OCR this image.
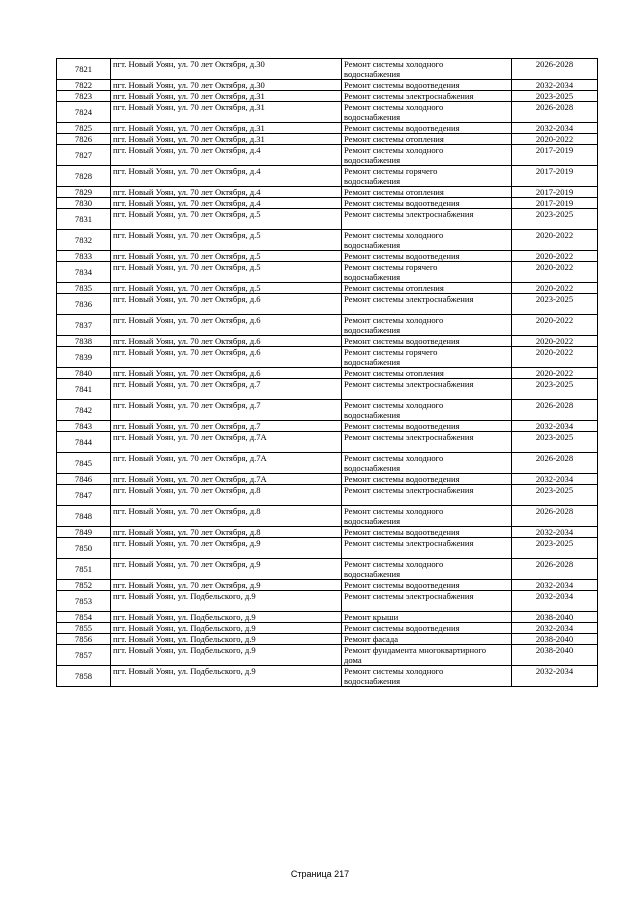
7821	пгт. Новый Уоян, ул. 70 лет Октября, д.30	Ремонт системы холодного
водоснабжения	2026-2028
7822	пгт. Новый Уоян, ул. 70 лет Октября, д.30	Ремонт системы водоотведения	2032-2034
7823	пгт. Новый Уоян, ул. 70 лет Октября, д.31	Ремонт системы электроснабжения	2023-2025
7824	пгт. Новый Уоян, ул. 70 лет Октября, д.31	Ремонт системы холодного
водоснабжения	2026-2028
7825	пгт. Новый Уоян, ул. 70 лет Октября, д.31	Ремонт системы водоотведения	2032-2034
7826	пгт. Новый Уоян, ул. 70 лет Октября, д.31	Ремонт системы отопления	2020-2022
7827	пгт. Новый Уоян, ул. 70 лет Октября, д.4	Ремонт системы холодного
водоснабжения	2017-2019
7828	пгт. Новый Уоян, ул. 70 лет Октября, д.4	Ремонт системы горячего
водоснабжения	2017-2019
7829	пгт. Новый Уоян, ул. 70 лет Октября, д.4	Ремонт системы отопления	2017-2019
7830	пгт. Новый Уоян, ул. 70 лет Октября, д.4	Ремонт системы водоотведения	2017-2019
7831	пгт. Новый Уоян, ул. 70 лет Октября, д.5	Ремонт системы электроснабжения	2023-2025
7832	пгт. Новый Уоян, ул. 70 лет Октября, д.5	Ремонт системы холодного
водоснабжения	2020-2022
7833	пгт. Новый Уоян, ул. 70 лет Октября, д.5	Ремонт системы водоотведения	2020-2022
7834	пгт. Новый Уоян, ул. 70 лет Октября, д.5	Ремонт системы горячего
водоснабжения	2020-2022
7835	пгт. Новый Уоян, ул. 70 лет Октября, д.5	Ремонт системы отопления	2020-2022
7836	пгт. Новый Уоян, ул. 70 лет Октября, д.6	Ремонт системы электроснабжения	2023-2025
7837	пгт. Новый Уоян, ул. 70 лет Октября, д.6	Ремонт системы холодного
водоснабжения	2020-2022
7838	пгт. Новый Уоян, ул. 70 лет Октября, д.6	Ремонт системы водоотведения	2020-2022
7839	пгт. Новый Уоян, ул. 70 лет Октября, д.6	Ремонт системы горячего
водоснабжения	2020-2022
7840	пгт. Новый Уоян, ул. 70 лет Октября, д.6	Ремонт системы отопления	2020-2022
7841	пгт. Новый Уоян, ул. 70 лет Октября, д.7	Ремонт системы электроснабжения	2023-2025
7842	пгт. Новый Уоян, ул. 70 лет Октября, д.7	Ремонт системы холодного
водоснабжения	2026-2028
7843	пгт. Новый Уоян, ул. 70 лет Октября, д.7	Ремонт системы водоотведения	2032-2034
7844	пгт. Новый Уоян, ул. 70 лет Октября, д.7А	Ремонт системы электроснабжения	2023-2025
7845	пгт. Новый Уоян, ул. 70 лет Октября, д.7А	Ремонт системы холодного
водоснабжения	2026-2028
7846	пгт. Новый Уоян, ул. 70 лет Октября, д.7А	Ремонт системы водоотведения	2032-2034
7847	пгт. Новый Уоян, ул. 70 лет Октября, д.8	Ремонт системы электроснабжения	2023-2025
7848	пгт. Новый Уоян, ул. 70 лет Октября, д.8	Ремонт системы холодного
водоснабжения	2026-2028
7849	пгт. Новый Уоян, ул. 70 лет Октября, д.8	Ремонт системы водоотведения	2032-2034
7850	пгт. Новый Уоян, ул. 70 лет Октября, д.9	Ремонт системы электроснабжения	2023-2025
7851	пгт. Новый Уоян, ул. 70 лет Октября, д.9	Ремонт системы холодного
водоснабжения	2026-2028
7852	пгт. Новый Уоян, ул. 70 лет Октября, д.9	Ремонт системы водоотведения	2032-2034
7853	пгт. Новый Уоян, ул. Подбельского, д.9	Ремонт системы электроснабжения	2032-2034
7854	пгт. Новый Уоян, ул. Подбельского, д.9	Ремонт крыши	2038-2040
7855	пгт. Новый Уоян, ул. Подбельского, д.9	Ремонт системы водоотведения	2032-2034
7856	пгт. Новый Уоян, ул. Подбельского, д.9	Ремонт фасада	2038-2040
7857	пгт. Новый Уоян, ул. Подбельского, д.9	Ремонт фундамента многоквартирного
дома	2038-2040
7858	пгт. Новый Уоян, ул. Подбельского, д.9	Ремонт системы холодного
водоснабжения	2032-2034
Страница 217
